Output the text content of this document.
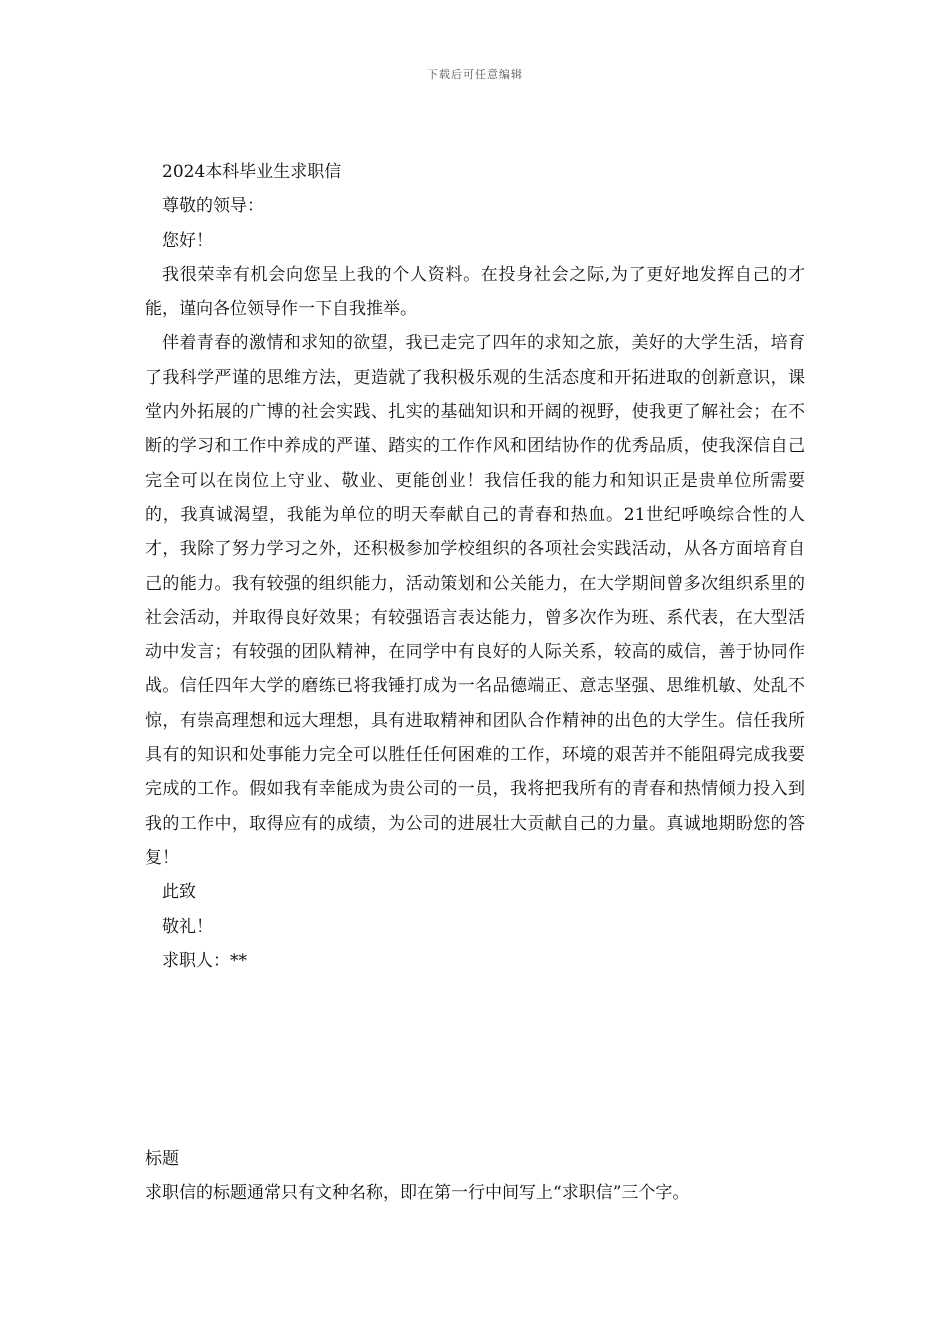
下载后可任意编辑

2024本科毕业生求职信

尊敬的领导：

您好！

我很荣幸有机会向您呈上我的个人资料。在投身社会之际,为了更好地发挥自己的才能，谨向各位领导作一下自我推举。

伴着青春的激情和求知的欲望，我已走完了四年的求知之旅，美好的大学生活，培育了我科学严谨的思维方法，更造就了我积极乐观的生活态度和开拓进取的创新意识，课堂内外拓展的广博的社会实践、扎实的基础知识和开阔的视野，使我更了解社会；在不断的学习和工作中养成的严谨、踏实的工作作风和团结协作的优秀品质，使我深信自己完全可以在岗位上守业、敬业、更能创业！我信任我的能力和知识正是贵单位所需要的，我真诚渴望，我能为单位的明天奉献自己的青春和热血。21世纪呼唤综合性的人才，我除了努力学习之外，还积极参加学校组织的各项社会实践活动，从各方面培育自己的能力。我有较强的组织能力，活动策划和公关能力，在大学期间曾多次组织系里的社会活动，并取得良好效果；有较强语言表达能力，曾多次作为班、系代表，在大型活动中发言；有较强的团队精神，在同学中有良好的人际关系，较高的威信，善于协同作战。信任四年大学的磨练已将我锤打成为一名品德端正、意志坚强、思维机敏、处乱不惊，有崇高理想和远大理想，具有进取精神和团队合作精神的出色的大学生。信任我所具有的知识和处事能力完全可以胜任任何困难的工作，环境的艰苦并不能阻碍完成我要完成的工作。假如我有幸能成为贵公司的一员，我将把我所有的青春和热情倾力投入到我的工作中，取得应有的成绩，为公司的进展壮大贡献自己的力量。真诚地期盼您的答复！

此致

敬礼！

求职人：**

标题

求职信的标题通常只有文种名称，即在第一行中间写上“求职信”三个字。
